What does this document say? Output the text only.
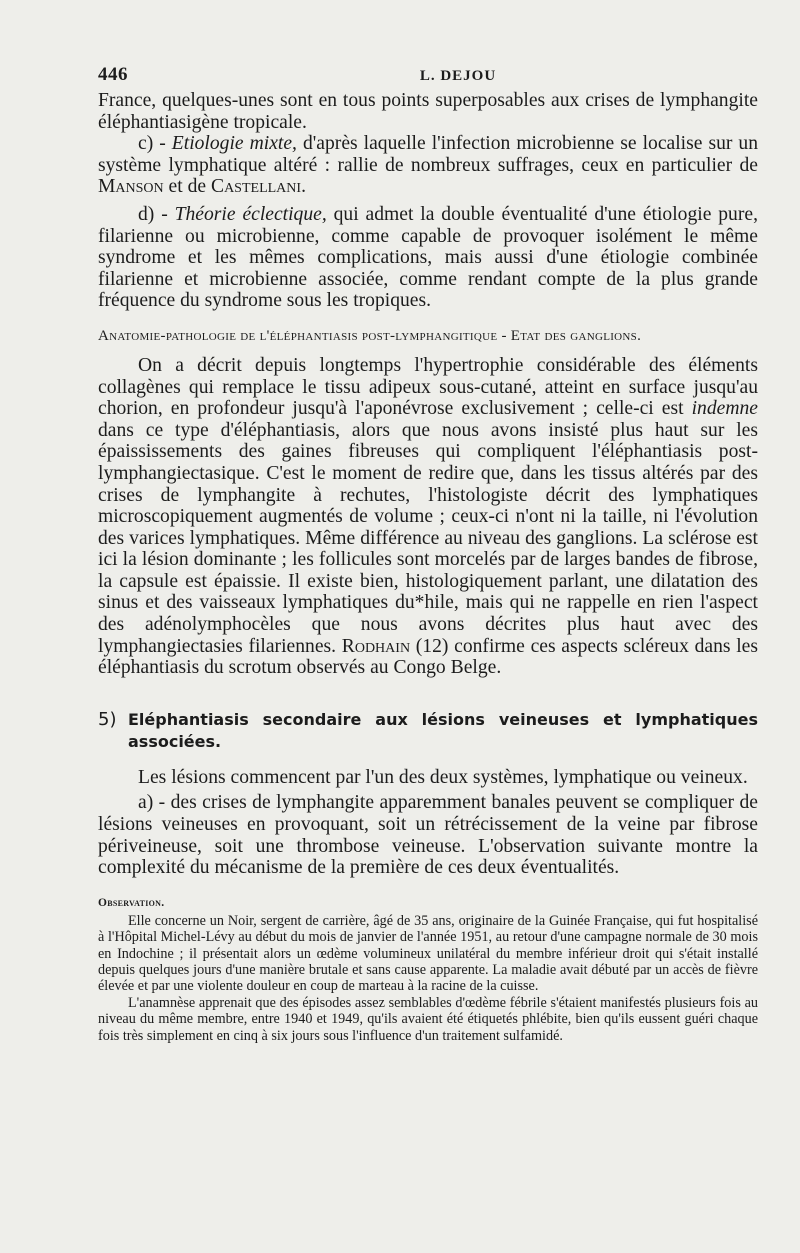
446	L. DEJOU

France, quelques-unes sont en tous points superposables aux crises de lymphangite éléphantiasigène tropicale.

c) - Etiologie mixte, d'après laquelle l'infection microbienne se localise sur un système lymphatique altéré : rallie de nombreux suffrages, ceux en particulier de Manson et de Castellani.

d) - Théorie éclectique, qui admet la double éventualité d'une étiologie pure, filarienne ou microbienne, comme capable de provoquer isolément le même syndrome et les mêmes complications, mais aussi d'une étiologie combinée filarienne et microbienne associée, comme rendant compte de la plus grande fréquence du syndrome sous les tropiques.

Anatomie-pathologie de l'éléphantiasis post-lymphangitique - Etat des ganglions.

On a décrit depuis longtemps l'hypertrophie considérable des éléments collagènes qui remplace le tissu adipeux sous-cutané, atteint en surface jusqu'au chorion, en profondeur jusqu'à l'aponévrose exclusivement ; celle-ci est indemne dans ce type d'éléphantiasis, alors que nous avons insisté plus haut sur les épaississements des gaines fibreuses qui compliquent l'éléphantiasis post-lymphangiectasique. C'est le moment de redire que, dans les tissus altérés par des crises de lymphangite à rechutes, l'histologiste décrit des lymphatiques microscopiquement augmentés de volume ; ceux-ci n'ont ni la taille, ni l'évolution des varices lymphatiques. Même différence au niveau des ganglions. La sclérose est ici la lésion dominante ; les follicules sont morcelés par de larges bandes de fibrose, la capsule est épaissie. Il existe bien, histologiquement parlant, une dilatation des sinus et des vaisseaux lymphatiques du*hile, mais qui ne rappelle en rien l'aspect des adénolymphocèles que nous avons décrites plus haut avec des lymphangiectasies filariennes. Rodhain (12) confirme ces aspects scléreux dans les éléphantiasis du scrotum observés au Congo Belge.

5) Eléphantiasis secondaire aux lésions veineuses et lymphatiques associées.

Les lésions commencent par l'un des deux systèmes, lymphatique ou veineux.

a) - des crises de lymphangite apparemment banales peuvent se compliquer de lésions veineuses en provoquant, soit un rétrécissement de la veine par fibrose périveineuse, soit une thrombose veineuse. L'observation suivante montre la complexité du mécanisme de la première de ces deux éventualités.

Observation.

Elle concerne un Noir, sergent de carrière, âgé de 35 ans, originaire de la Guinée Française, qui fut hospitalisé à l'Hôpital Michel-Lévy au début du mois de janvier de l'année 1951, au retour d'une campagne normale de 30 mois en Indochine ; il présentait alors un œdème volumineux unilatéral du membre inférieur droit qui s'était installé depuis quelques jours d'une manière brutale et sans cause apparente. La maladie avait débuté par un accès de fièvre élevée et par une violente douleur en coup de marteau à la racine de la cuisse.

L'anamnèse apprenait que des épisodes assez semblables d'œdème fébrile s'étaient manifestés plusieurs fois au niveau du même membre, entre 1940 et 1949, qu'ils avaient été étiquetés phlébite, bien qu'ils eussent guéri chaque fois très simplement en cinq à six jours sous l'influence d'un traitement sulfamidé.
